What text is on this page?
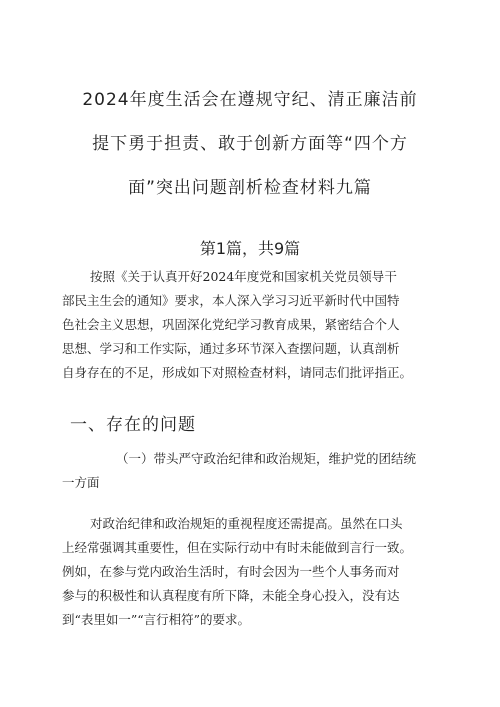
2024年度生活会在遵规守纪、清正廉洁前
提下勇于担责、敢于创新方面等“四个方
面”突出问题剖析检查材料九篇
第1篇，共9篇
按照《关于认真开好2024年度党和国家机关党员领导干
部民主生会的通知》要求，本人深入学习习近平新时代中国特
色社会主义思想，巩固深化党纪学习教育成果，紧密结合个人
思想、学习和工作实际，通过多环节深入查摆问题，认真剖析
自身存在的不足，形成如下对照检查材料，请同志们批评指正。
一、存在的问题
（一）带头严守政治纪律和政治规矩，维护党的团结统
一方面
对政治纪律和政治规矩的重视程度还需提高。虽然在口头
上经常强调其重要性，但在实际行动中有时未能做到言行一致。
例如，在参与党内政治生活时，有时会因为一些个人事务而对
参与的积极性和认真程度有所下降，未能全身心投入，没有达
到“表里如一”“言行相符”的要求。
